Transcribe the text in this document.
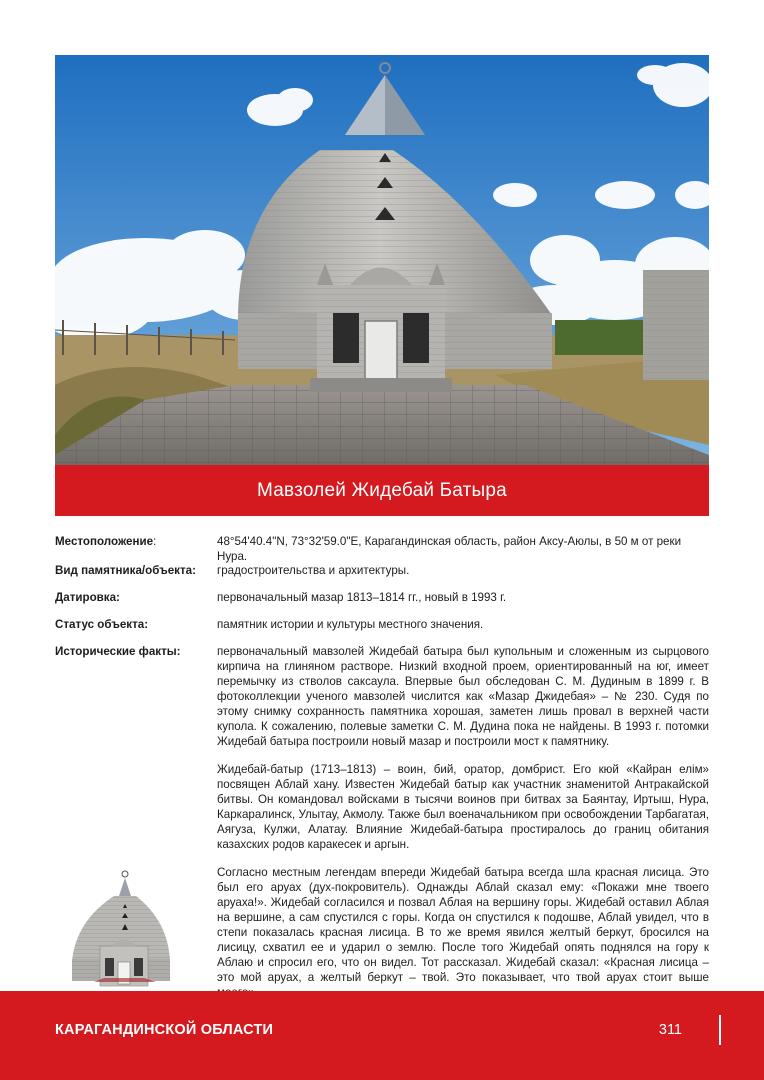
Мавзолей Жидебай Батыра
Местоположение:	48°54'40.4"N, 73°32'59.0"E, Карагандинская область, район Аксу-Аюлы, в 50 м от реки Нура.
Вид памятника/объекта:	градостроительства и архитектуры.
Датировка:	первоначальный мазар 1813–1814 гг., новый в 1993 г.
Статус объекта:	памятник истории и культуры местного значения.
Исторические факты:	первоначальный мавзолей Жидебай батыра был купольным и сложенным из сырцового кирпича на глиняном растворе. Низкий входной проем, ориентированный на юг, имеет перемычку из стволов саксаула. Впервые был обследован С. М. Дудиным в 1899 г. В фотоколлекции ученого мавзолей числится как «Мазар Джидебая» – № 230. Судя по этому снимку сохранность памятника хорошая, заметен лишь провал в верхней части купола. К сожалению, полевые заметки С. М. Дудина пока не найдены. В 1993 г. потомки Жидебай батыра построили новый мазар и построили мост к памятнику.

Жидебай-батыр (1713–1813) – воин, бий, оратор, домбрист. Его кюй «Кайран елім» посвящен Аблай хану. Известен Жидебай батыр как участник знаменитой Антракайской битвы. Он командовал войсками в тысячи воинов при битвах за Баянтау, Иртыш, Нура, Каркаралинск, Улытау, Акмолу. Также был военачальником при освобождении Тарбагатая, Аягуза, Кулжи, Алатау. Влияние Жидебай-батыра простиралось до границ обитания казахских родов каракесек и аргын.

Согласно местным легендам впереди Жидебай батыра всегда шла красная лисица. Это был его аруах (дух-покровитель). Однажды Аблай сказал ему: «Покажи мне твоего аруаха!». Жидебай согласился и позвал Аблая на вершину горы. Жидебай оставил Аблая на вершине, а сам спустился с горы. Когда он спустился к подошве, Аблай увидел, что в степи показалась красная лисица. В то же время явился желтый беркут, бросился на лисицу, схватил ее и ударил о землю. После того Жидебай опять поднялся на гору к Аблаю и спросил его, что он видел. Тот рассказал. Жидебай сказал: «Красная лисица – это мой аруах, а желтый беркут – твой. Это показывает, что твой аруах стоит выше

КАРАГАНДИНСКОЙ ОБЛАСТИ	311
